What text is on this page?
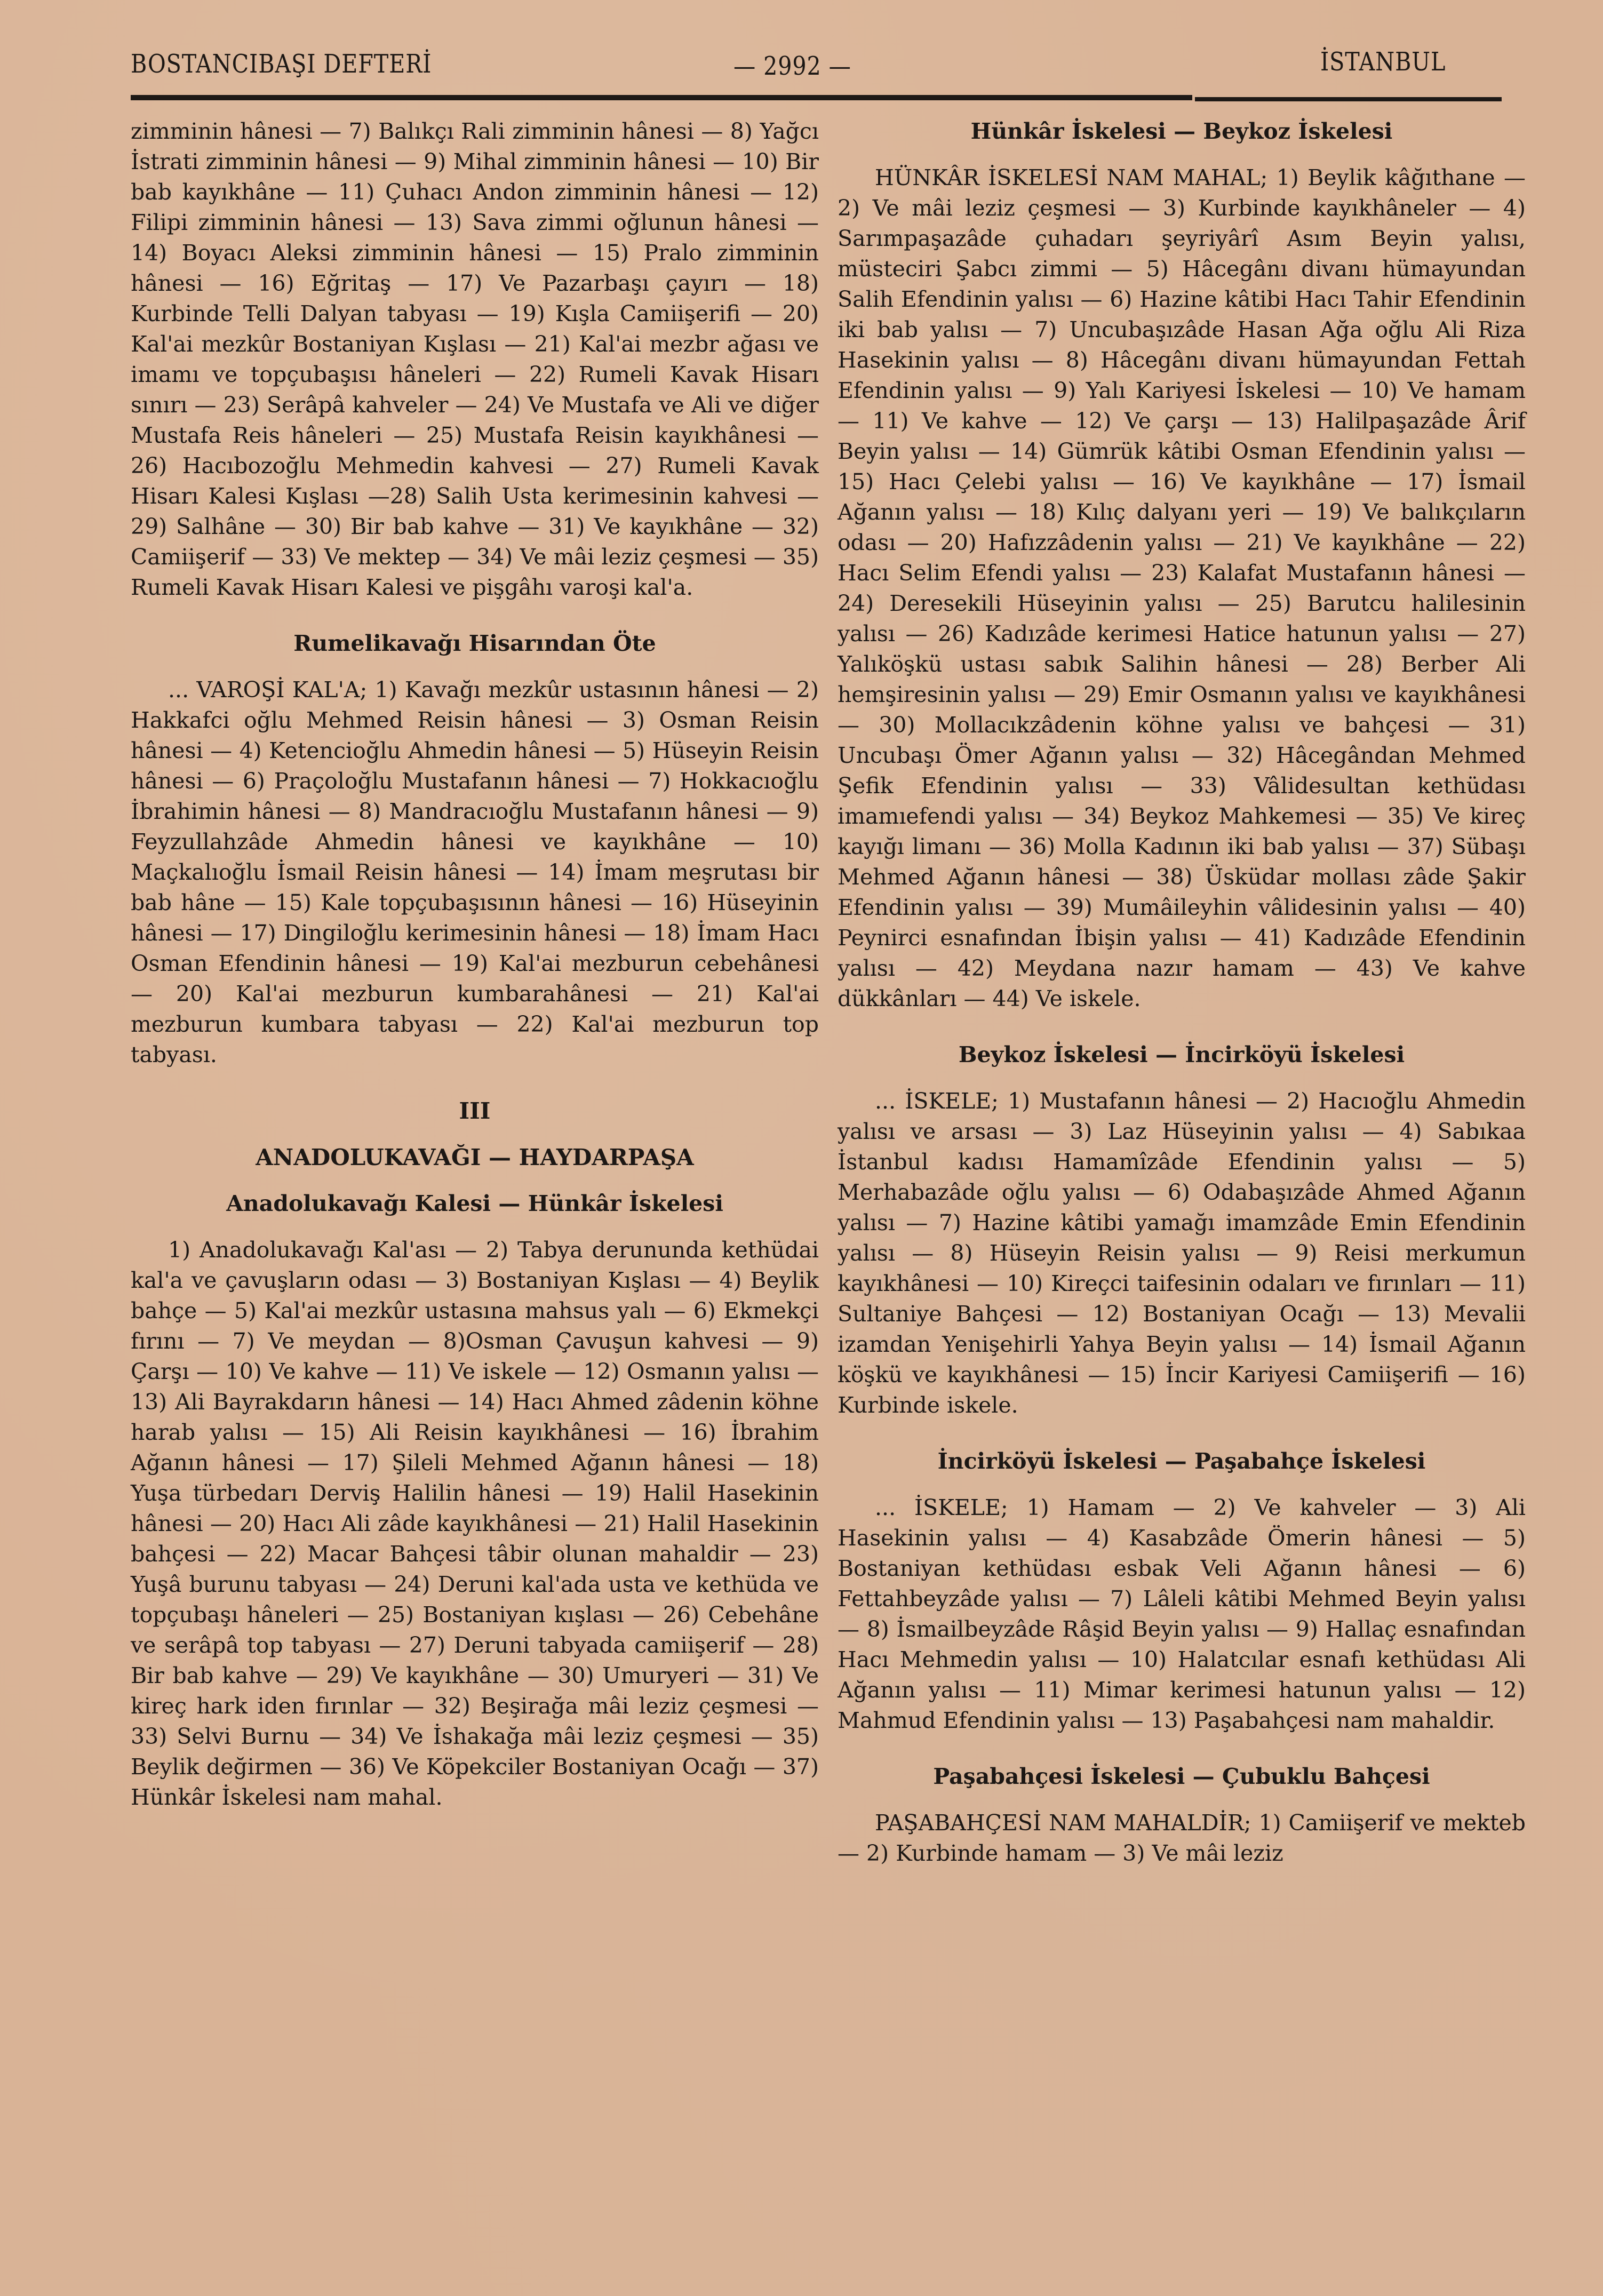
BOSTANCIBAŞI DEFTERİ	— 2992 —	İSTANBUL

zimminin hânesi — 7) Balıkçı Rali zimminin hânesi — 8) Yağcı İstrati zimminin hânesi — 9) Mihal zimminin hânesi — 10) Bir bab kayıkhâne — 11) Çuhacı Andon zimminin hânesi — 12) Filipi zimminin hânesi — 13) Sava zimmi oğlunun hânesi — 14) Boyacı Aleksi zimminin hânesi — 15) Pralo zimminin hânesi — 16) Eğritaş — 17) Ve Pazarbaşı çayırı — 18) Kurbinde Telli Dalyan tabyası — 19) Kışla Camiişerifi — 20) Kal'ai mezkûr Bostaniyan Kışlası — 21) Kal'ai mezbr ağası ve imamı ve topçubaşısı hâneleri — 22) Rumeli Kavak Hisarı sınırı — 23) Serâpâ kahveler — 24) Ve Mustafa ve Ali ve diğer Mustafa Reis hâneleri — 25) Mustafa Reisin kayıkhânesi — 26) Hacıbozoğlu Mehmedin kahvesi — 27) Rumeli Kavak Hisarı Kalesi Kışlası —28) Salih Usta kerimesinin kahvesi — 29) Salhâne — 30) Bir bab kahve — 31) Ve kayıkhâne — 32) Camiişerif — 33) Ve mektep — 34) Ve mâi leziz çeşmesi — 35) Rumeli Kavak Hisarı Kalesi ve pişgâhı varoşi kal'a.

Rumelikavağı Hisarından Öte

... VAROŞİ KAL'A; 1) Kavağı mezkûr ustasının hânesi — 2) Hakkafci oğlu Mehmed Reisin hânesi — 3) Osman Reisin hânesi — 4) Ketencioğlu Ahmedin hânesi — 5) Hüseyin Reisin hânesi — 6) Praçoloğlu Mustafanın hânesi — 7) Hokkacıoğlu İbrahimin hânesi — 8) Mandracıoğlu Mustafanın hânesi — 9) Feyzullahzâde Ahmedin hânesi ve kayıkhâne — 10) Maçkalıoğlu İsmail Reisin hânesi — 14) İmam meşrutası bir bab hâne — 15) Kale topçubaşısının hânesi — 16) Hüseyinin hânesi — 17) Dingiloğlu kerimesinin hânesi — 18) İmam Hacı Osman Efendinin hânesi — 19) Kal'ai mezburun cebehânesi — 20) Kal'ai mezburun kumbarahânesi — 21) Kal'ai mezburun kumbara tabyası — 22) Kal'ai mezburun top tabyası.

III
ANADOLUKAVAĞI — HAYDARPAŞA
Anadolukavağı Kalesi — Hünkâr İskelesi

1) Anadolukavağı Kal'ası — 2) Tabya derununda kethüdai kal'a ve çavuşların odası — 3) Bostaniyan Kışlası — 4) Beylik bahçe — 5) Kal'ai mezkûr ustasına mahsus yalı — 6) Ekmekçi fırını — 7) Ve meydan — 8)Osman Çavuşun kahvesi — 9) Çarşı — 10) Ve kahve — 11) Ve iskele — 12) Osmanın yalısı — 13) Ali Bayrakdarın hânesi — 14) Hacı Ahmed zâdenin köhne harab yalısı — 15) Ali Reisin kayıkhânesi — 16) İbrahim Ağanın hânesi — 17) Şileli Mehmed Ağanın hânesi — 18) Yuşa türbedarı Derviş Halilin hânesi — 19) Halil Hasekinin hânesi — 20) Hacı Ali zâde kayıkhânesi — 21) Halil Hasekinin bahçesi — 22) Macar Bahçesi tâbir olunan mahaldir — 23) Yuşâ burunu tabyası — 24) Deruni kal'ada usta ve kethüda ve topçubaşı hâneleri — 25) Bostaniyan kışlası — 26) Cebehâne ve serâpâ top tabyası — 27) Deruni tabyada camiişerif — 28) Bir bab kahve — 29) Ve kayıkhâne — 30) Umuryeri — 31) Ve kireç hark iden fırınlar — 32) Beşirağa mâi leziz çeşmesi — 33) Selvi Burnu — 34) Ve İshakağa mâi leziz çeşmesi — 35) Beylik değirmen — 36) Ve Köpekciler Bostaniyan Ocağı — 37) Hünkâr İskelesi nam mahal.

Hünkâr İskelesi — Beykoz İskelesi

HÜNKÂR İSKELESİ NAM MAHAL; 1) Beylik kâğıthane — 2) Ve mâi leziz çeşmesi — 3) Kurbinde kayıkhâneler — 4) Sarımpaşazâde çuhadarı şeyriyârî Asım Beyin yalısı, müsteciri Şabcı zimmi — 5) Hâcegânı divanı hümayundan Salih Efendinin yalısı — 6) Hazine kâtibi Hacı Tahir Efendinin iki bab yalısı — 7) Uncubaşızâde Hasan Ağa oğlu Ali Riza Hasekinin yalısı — 8) Hâcegânı divanı hümayundan Fettah Efendinin yalısı — 9) Yalı Kariyesi İskelesi — 10) Ve hamam — 11) Ve kahve — 12) Ve çarşı — 13) Halilpaşazâde Ârif Beyin yalısı — 14) Gümrük kâtibi Osman Efendinin yalısı — 15) Hacı Çelebi yalısı — 16) Ve kayıkhâne — 17) İsmail Ağanın yalısı — 18) Kılıç dalyanı yeri — 19) Ve balıkçıların odası — 20) Hafızzâdenin yalısı — 21) Ve kayıkhâne — 22) Hacı Selim Efendi yalısı — 23) Kalafat Mustafanın hânesi — 24) Deresekili Hüseyinin yalısı — 25) Barutcu halilesinin yalısı — 26) Kadızâde kerimesi Hatice hatunun yalısı — 27) Yalıköşkü ustası sabık Salihin hânesi — 28) Berber Ali hemşiresinin yalısı — 29) Emir Osmanın yalısı ve kayıkhânesi — 30) Mollacıkzâdenin köhne yalısı ve bahçesi — 31) Uncubaşı Ömer Ağanın yalısı — 32) Hâcegândan Mehmed Şefik Efendinin yalısı — 33) Vâlidesultan kethüdası imamıefendi yalısı — 34) Beykoz Mahkemesi — 35) Ve kireç kayığı limanı — 36) Molla Kadının iki bab yalısı — 37) Sübaşı Mehmed Ağanın hânesi — 38) Üsküdar mollası zâde Şakir Efendinin yalısı — 39) Mumâileyhin vâlidesinin yalısı — 40) Peynirci esnafından İbişin yalısı — 41) Kadızâde Efendinin yalısı — 42) Meydana nazır hamam — 43) Ve kahve dükkânları — 44) Ve iskele.

Beykoz İskelesi — İncirköyü İskelesi

... İSKELE; 1) Mustafanın hânesi — 2) Hacıoğlu Ahmedin yalısı ve arsası — 3) Laz Hüseyinin yalısı — 4) Sabıkaa İstanbul kadısı Hamamîzâde Efendinin yalısı — 5) Merhabazâde oğlu yalısı — 6) Odabaşızâde Ahmed Ağanın yalısı — 7) Hazine kâtibi yamağı imamzâde Emin Efendinin yalısı — 8) Hüseyin Reisin yalısı — 9) Reisi merkumun kayıkhânesi — 10) Kireçci taifesinin odaları ve fırınları — 11) Sultaniye Bahçesi — 12) Bostaniyan Ocağı — 13) Mevalii izamdan Yenişehirli Yahya Beyin yalısı — 14) İsmail Ağanın köşkü ve kayıkhânesi — 15) İncir Kariyesi Camiişerifi — 16) Kurbinde iskele.

İncirköyü İskelesi — Paşabahçe İskelesi

... İSKELE; 1) Hamam — 2) Ve kahveler — 3) Ali Hasekinin yalısı — 4) Kasabzâde Ömerin hânesi — 5) Bostaniyan kethüdası esbak Veli Ağanın hânesi — 6) Fettahbeyzâde yalısı — 7) Lâleli kâtibi Mehmed Beyin yalısı — 8) İsmailbeyzâde Râşid Beyin yalısı — 9) Hallaç esnafından Hacı Mehmedin yalısı — 10) Halatcılar esnafı kethüdası Ali Ağanın yalısı — 11) Mimar kerimesi hatunun yalısı — 12) Mahmud Efendinin yalısı — 13) Paşabahçesi nam mahaldir.

Paşabahçesi İskelesi — Çubuklu Bahçesi

PAŞABAHÇESİ NAM MAHALDİR; 1) Camiişerif ve mekteb — 2) Kurbinde hamam — 3) Ve mâi leziz
